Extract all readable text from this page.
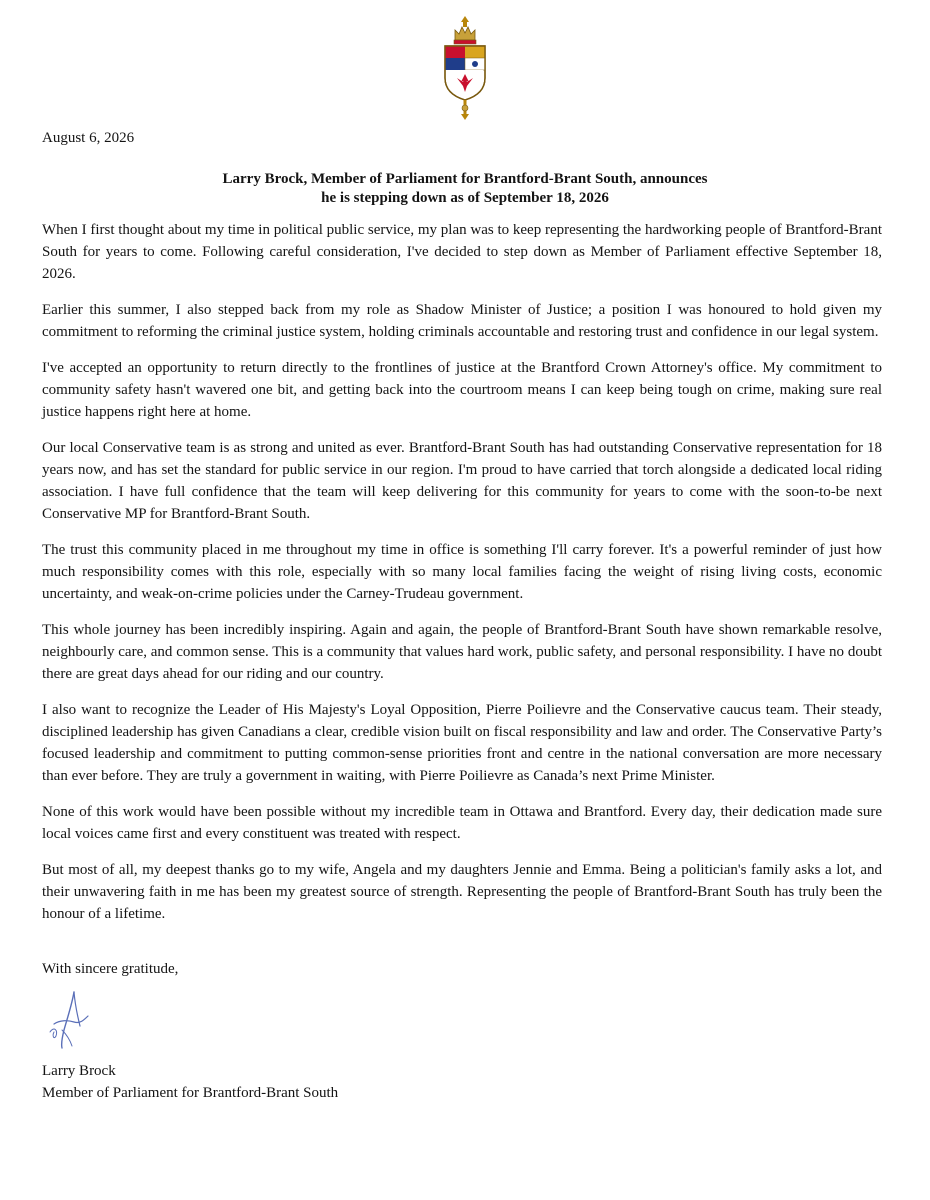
August 6, 2026

Larry Brock, Member of Parliament for Brantford-Brant South, announces
he is stepping down as of September 18, 2026

When I first thought about my time in political public service, my plan was to keep representing the hardworking people of Brantford-Brant South for years to come. Following careful consideration, I've decided to step down as Member of Parliament effective September 18, 2026.

Earlier this summer, I also stepped back from my role as Shadow Minister of Justice; a position I was honoured to hold given my commitment to reforming the criminal justice system, holding criminals accountable and restoring trust and confidence in our legal system.

I've accepted an opportunity to return directly to the frontlines of justice at the Brantford Crown Attorney's office. My commitment to community safety hasn't wavered one bit, and getting back into the courtroom means I can keep being tough on crime, making sure real justice happens right here at home.

Our local Conservative team is as strong and united as ever. Brantford-Brant South has had outstanding Conservative representation for 18 years now, and has set the standard for public service in our region. I'm proud to have carried that torch alongside a dedicated local riding association. I have full confidence that the team will keep delivering for this community for years to come with the soon-to-be next Conservative MP for Brantford-Brant South.

The trust this community placed in me throughout my time in office is something I'll carry forever. It's a powerful reminder of just how much responsibility comes with this role, especially with so many local families facing the weight of rising living costs, economic uncertainty, and weak-on-crime policies under the Carney-Trudeau government.

This whole journey has been incredibly inspiring. Again and again, the people of Brantford-Brant South have shown remarkable resolve, neighbourly care, and common sense. This is a community that values hard work, public safety, and personal responsibility. I have no doubt there are great days ahead for our riding and our country.

I also want to recognize the Leader of His Majesty's Loyal Opposition, Pierre Poilievre and the Conservative caucus team. Their steady, disciplined leadership has given Canadians a clear, credible vision built on fiscal responsibility and law and order. The Conservative Party’s focused leadership and commitment to putting common-sense priorities front and centre in the national conversation are more necessary than ever before. They are truly a government in waiting, with Pierre Poilievre as Canada’s next Prime Minister.

None of this work would have been possible without my incredible team in Ottawa and Brantford. Every day, their dedication made sure local voices came first and every constituent was treated with respect.

But most of all, my deepest thanks go to my wife, Angela and my daughters Jennie and Emma. Being a politician's family asks a lot, and their unwavering faith in me has been my greatest source of strength. Representing the people of Brantford-Brant South has truly been the honour of a lifetime.

With sincere gratitude,

Larry Brock
Member of Parliament for Brantford-Brant South
